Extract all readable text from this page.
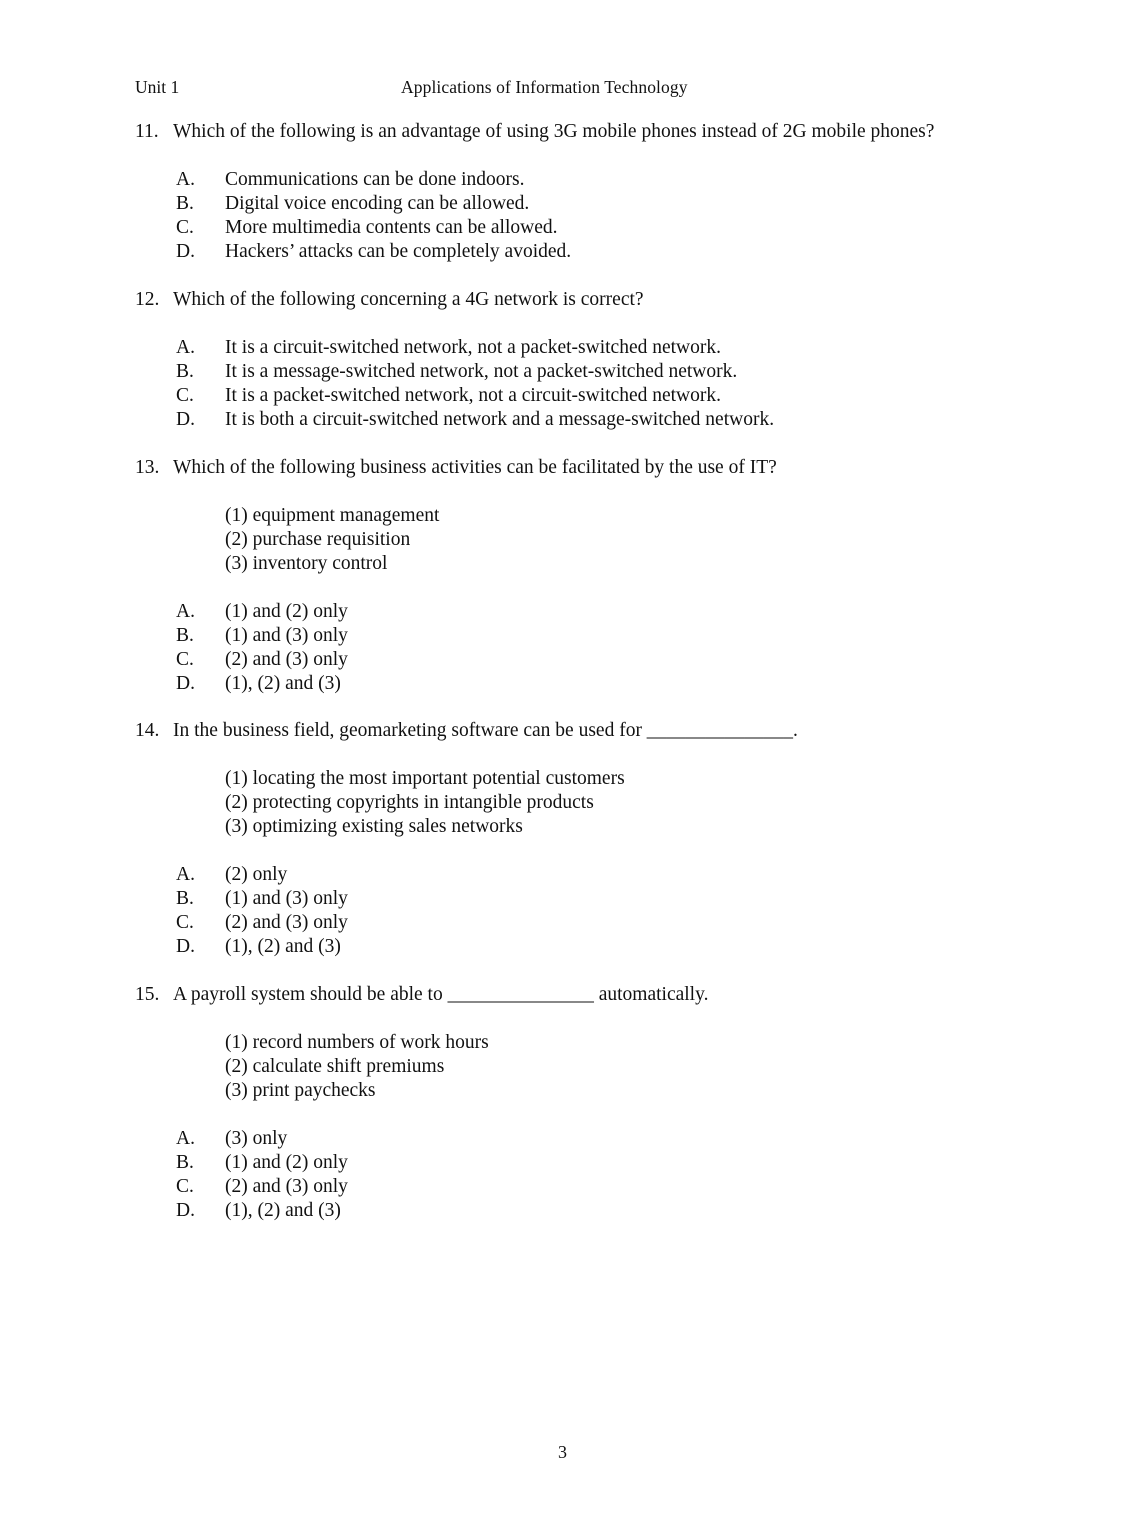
Unit 1	Applications of Information Technology
11. Which of the following is an advantage of using 3G mobile phones instead of 2G mobile phones?
A.	Communications can be done indoors.
B.	Digital voice encoding can be allowed.
C.	More multimedia contents can be allowed.
D.	Hackers’ attacks can be completely avoided.
12. Which of the following concerning a 4G network is correct?
A.	It is a circuit-switched network, not a packet-switched network.
B.	It is a message-switched network, not a packet-switched network.
C.	It is a packet-switched network, not a circuit-switched network.
D.	It is both a circuit-switched network and a message-switched network.
13. Which of the following business activities can be facilitated by the use of IT?
(1) equipment management
(2) purchase requisition
(3) inventory control
A.	(1) and (2) only
B.	(1) and (3) only
C.	(2) and (3) only
D.	(1), (2) and (3)
14. In the business field, geomarketing software can be used for _______________.
(1) locating the most important potential customers
(2) protecting copyrights in intangible products
(3) optimizing existing sales networks
A.	(2) only
B.	(1) and (3) only
C.	(2) and (3) only
D.	(1), (2) and (3)
15. A payroll system should be able to _______________ automatically.
(1) record numbers of work hours
(2) calculate shift premiums
(3) print paychecks
A.	(3) only
B.	(1) and (2) only
C.	(2) and (3) only
D.	(1), (2) and (3)
3
